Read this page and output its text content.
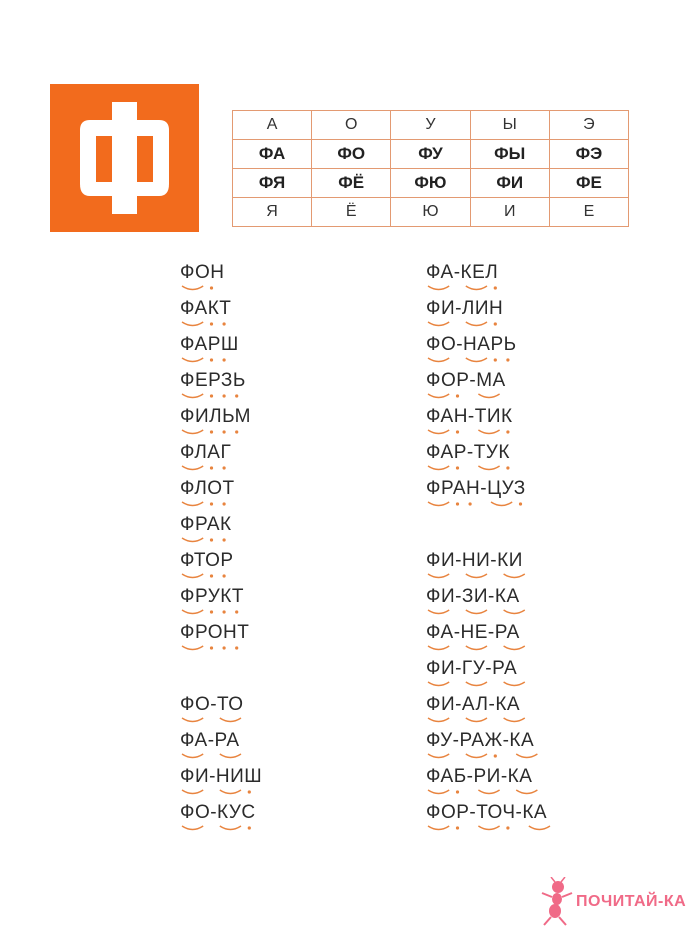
А	О	У	Ы	Э
ФА	ФО	ФУ	ФЫ	ФЭ
ФЯ	ФЁ	ФЮ	ФИ	ФЕ
Я	Ё	Ю	И	Е
ФОН
ФАКТ
ФАРШ
ФЕРЗЬ
ФИЛЬМ
ФЛАГ
ФЛОТ
ФРАК
ФТОР
ФРУКТ
ФРОНТ
ФО-ТО
ФА-РА
ФИ-НИШ
ФО-КУС
ФА-КЕЛ
ФИ-ЛИН
ФО-НАРЬ
ФОР-МА
ФАН-ТИК
ФАР-ТУК
ФРАН-ЦУЗ
ФИ-НИ-КИ
ФИ-ЗИ-КА
ФА-НЕ-РА
ФИ-ГУ-РА
ФИ-АЛ-КА
ФУ-РАЖ-КА
ФАБ-РИ-КА
ФОР-ТОЧ-КА
ПОЧИТАЙ-КА
